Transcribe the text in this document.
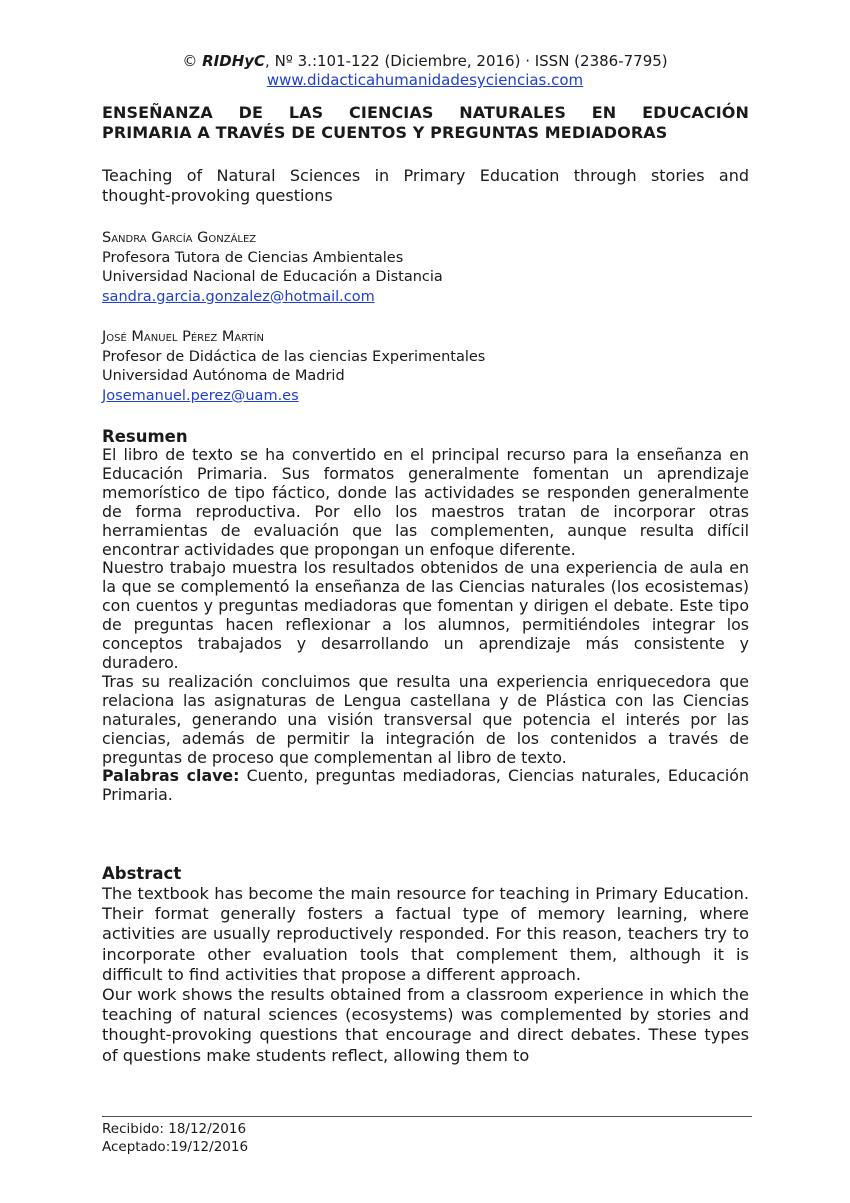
© RIDHyC, Nº 3.:101-122 (Diciembre, 2016) · ISSN (2386-7795)
www.didacticahumanidadesyciencias.com
ENSEÑANZA DE LAS CIENCIAS NATURALES EN EDUCACIÓN
PRIMARIA A TRAVÉS DE CUENTOS Y PREGUNTAS MEDIADORAS
Teaching of Natural Sciences in Primary Education through stories and
thought-provoking questions
Sandra García González
Profesora Tutora de Ciencias Ambientales
Universidad Nacional de Educación a Distancia
sandra.garcia.gonzalez@hotmail.com
José Manuel Pérez Martín
Profesor de Didáctica de las ciencias Experimentales
Universidad Autónoma de Madrid
Josemanuel.perez@uam.es
Resumen

El libro de texto se ha convertido en el principal recurso para la enseñanza en Educación Primaria. Sus formatos generalmente fomentan un aprendizaje memorístico de tipo fáctico, donde las actividades se responden generalmente de forma reproductiva. Por ello los maestros tratan de incorporar otras herramientas de evaluación que las complementen, aunque resulta difícil encontrar actividades que propongan un enfoque diferente.

Nuestro trabajo muestra los resultados obtenidos de una experiencia de aula en la que se complementó la enseñanza de las Ciencias naturales (los ecosistemas) con cuentos y preguntas mediadoras que fomentan y dirigen el debate. Este tipo de preguntas hacen reflexionar a los alumnos, permitiéndoles integrar los conceptos trabajados y desarrollando un aprendizaje más consistente y duradero.

Tras su realización concluimos que resulta una experiencia enriquecedora que relaciona las asignaturas de Lengua castellana y de Plástica con las Ciencias naturales, generando una visión transversal que potencia el interés por las ciencias, además de permitir la integración de los contenidos a través de preguntas de proceso que complementan al libro de texto.

Palabras clave: Cuento, preguntas mediadoras, Ciencias naturales, Educación Primaria.

Abstract

The textbook has become the main resource for teaching in Primary Education. Their format generally fosters a factual type of memory learning, where activities are usually reproductively responded. For this reason, teachers try to incorporate other evaluation tools that complement them, although it is difficult to find activities that propose a different approach.

Our work shows the results obtained from a classroom experience in which the teaching of natural sciences (ecosystems) was complemented by stories and thought-provoking questions that encourage and direct debates. These types of questions make students reflect, allowing them to

Recibido: 18/12/2016
Aceptado:19/12/2016
